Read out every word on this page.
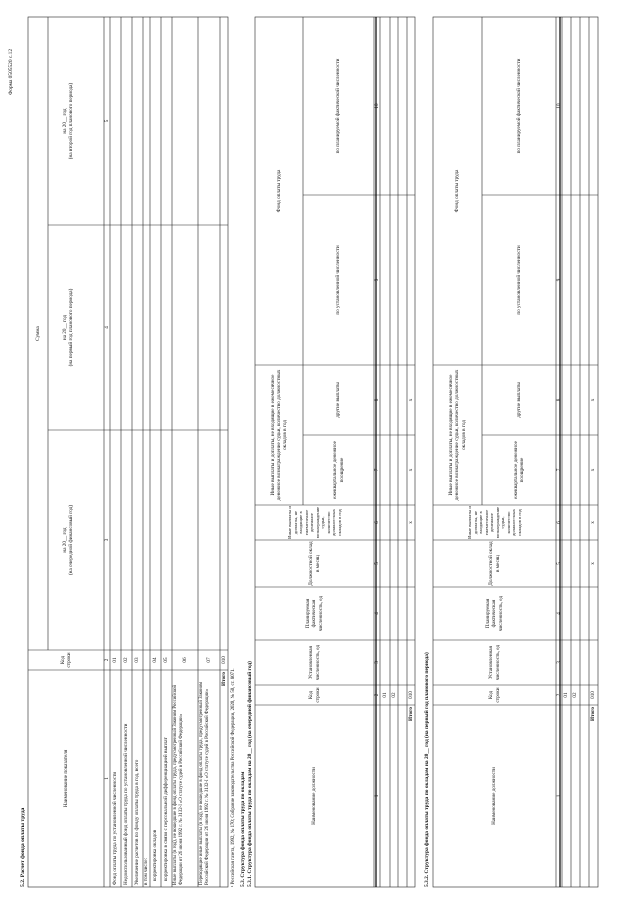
Форма 0505520 с.12
5.2. Расчет фонда оплаты труда
Наименование показателя
Код строки
Сумма
на 20__ год (на очередной финансовый год)
на 20__ год (на первый год планового периода)
на 20__ год (на второй год планового периода)
1
2
3
4
5
Фонд оплаты труда по установленной численности
01
Недоиспользованный фонд оплаты труда по установленной численности
02
Увеличение расчетов по фонду оплаты труда в год, всего
03
в том числе: корректировка окладов
04
корректировка в связи с персональной дифференциацией выплат
05
Иные выплаты (в год), не вошедшие в фонд оплаты труда, предусмотренный Законом Российской Федерации от 26 июня 1992 г. № 3132-I «О статусе судей в Российской Федерации»
06
Переходящие иные выплаты (в год), не вошедшие в фонд оплаты труда, предусмотренный Законом Российской Федерации от 26 июня 1992 г. № 3132-I «О статусе судей в Российской Федерации»
07
Итого
010
¹ Российская газета, 1992, № 170; Собрание законодательства Российской Федерации, 2020, № 50, ст. 8071. 5.3. Структура фонда оплаты труда по окладам 5.3.1. Структура фонда оплаты труда по окладам на 20__ год (на очередной финансовый год)	Наименование должности
Код строки
Установленная численность, ед
Планируемая фактическая численность, ед
Должностной оклад в месяц
Иные выплаты и доплаты, не входящие в ежемесячное денежное вознаграждение судьи, количество должностных окладов в год
Иные выплаты и доплаты, не входящие в ежемесячное денежное вознаграждение судьи, количество должностных окладов в год
ежеквартальное денежное поощрение
другие выплаты
Фонд оплаты труда
по установленной численности
по планируемой фактической численности
1
2
3
4
5
6
7
8
9
10
01 02
Итого
010
x
x
x
5.3.2. Структура фонда оплаты труда по окладам на 20__ год (на первый год планового периода)	Наименование должности
Код строки
Установленная численность, ед
Планируемая фактическая численность, ед
Должностной оклад в месяц
Иные выплаты и доплаты, не входящие в ежемесячное денежное вознаграждение судьи, количество должностных окладов в год
Иные выплаты и доплаты, не входящие в ежемесячное денежное вознаграждение судьи, количество должностных окладов в год
ежеквартальное денежное поощрение
другие выплаты
Фонд оплаты труда
по установленной численности
по планируемой фактической численности
1
2
3
4
5
6
7
8
9
10
01 02
Итого
010
x
x
x
x
